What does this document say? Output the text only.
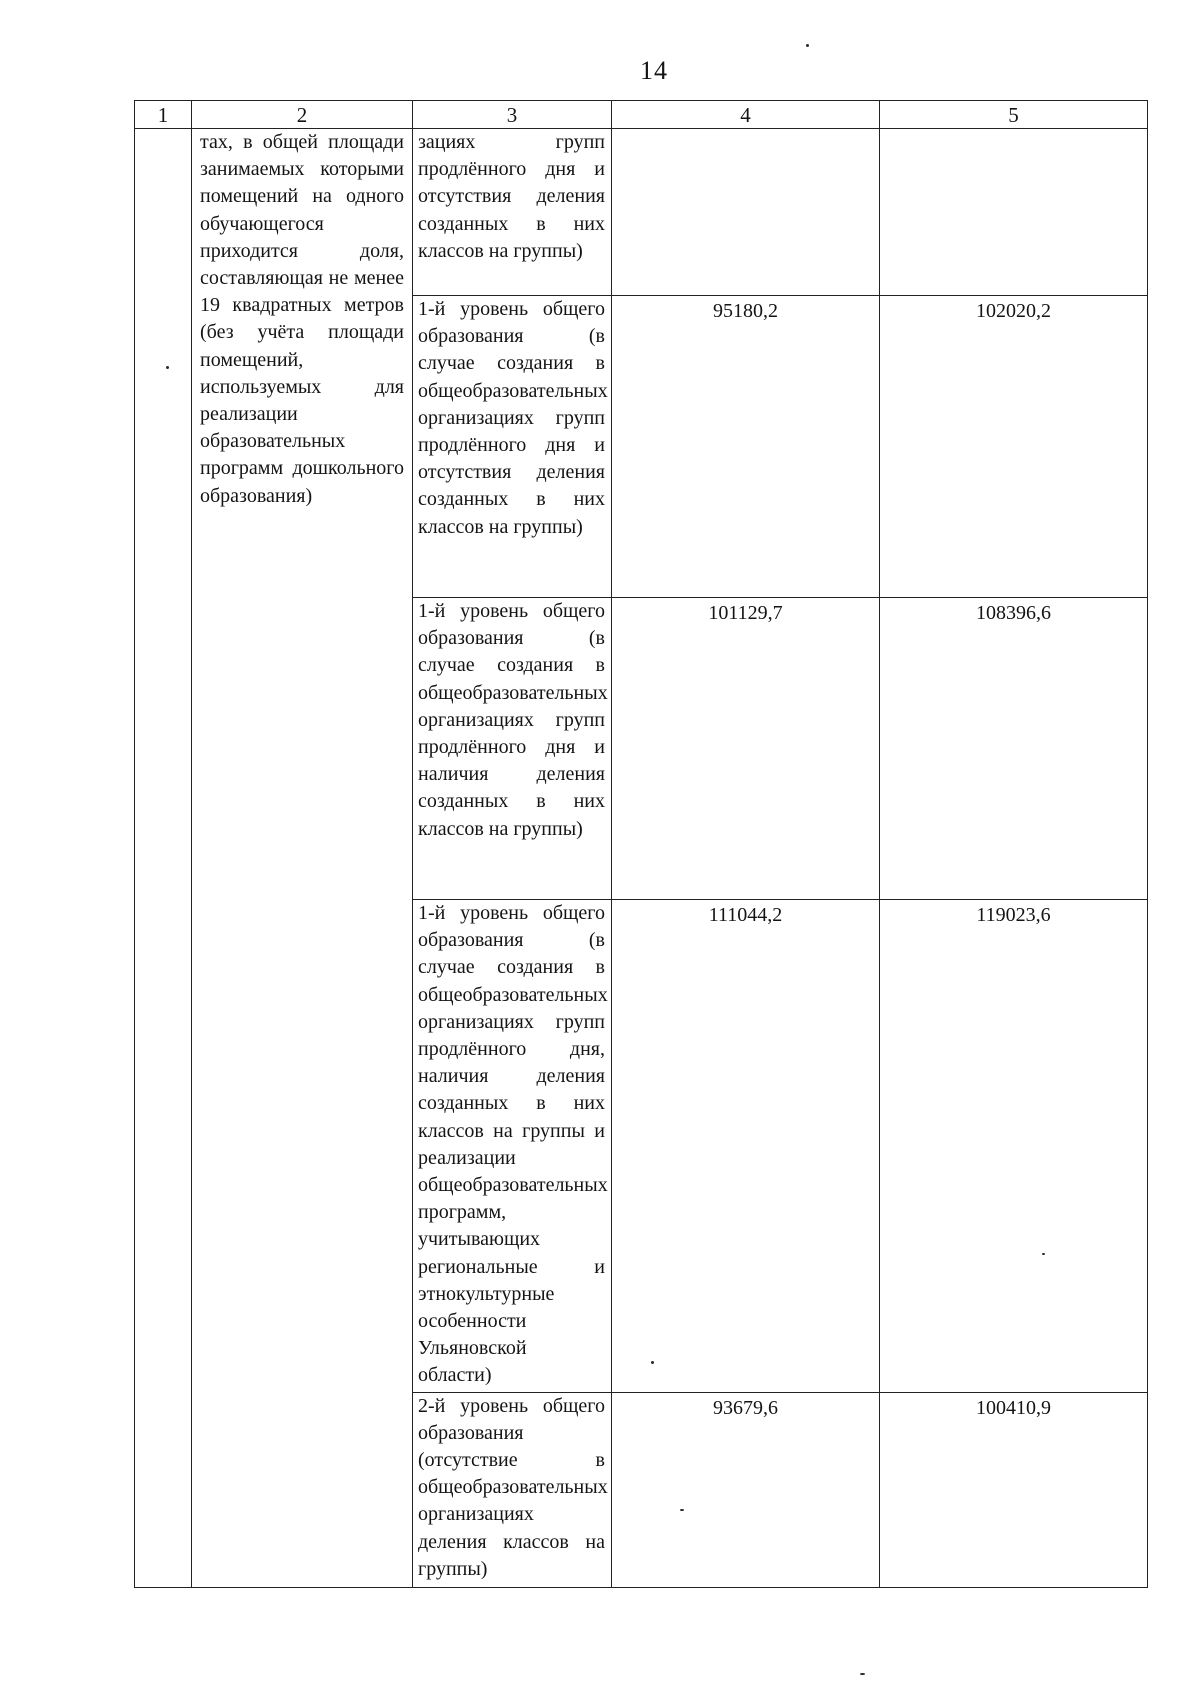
14
1	2	3	4	5

	тах, в общей площади занимаемых которыми помещений на одного обучающегося приходится доля, составляющая не менее 19 квадратных метров (без учёта площади помещений, используемых для реализации образовательных программ дошкольного образования)	зациях групп продлённого дня и отсутствия деления созданных в них классов на группы)		

		1-й уровень общего образования (в случае создания в общеобразовательных организациях групп продлённого дня и отсутствия деления созданных в них классов на группы)	95180,2	102020,2

		1-й уровень общего образования (в случае создания в общеобразовательных организациях групп продлённого дня и наличия деления созданных в них классов на группы)	101129,7	108396,6

		1-й уровень общего образования (в случае создания в общеобразовательных организациях групп продлённого дня, наличия деления созданных в них классов на группы и реализации общеобразовательных программ, учитывающих региональные и этнокультурные особенности Ульяновской области)	111044,2	119023,6

		2-й уровень общего образования (отсутствие в общеобразовательных организациях деления классов на группы)	93679,6	100410,9
